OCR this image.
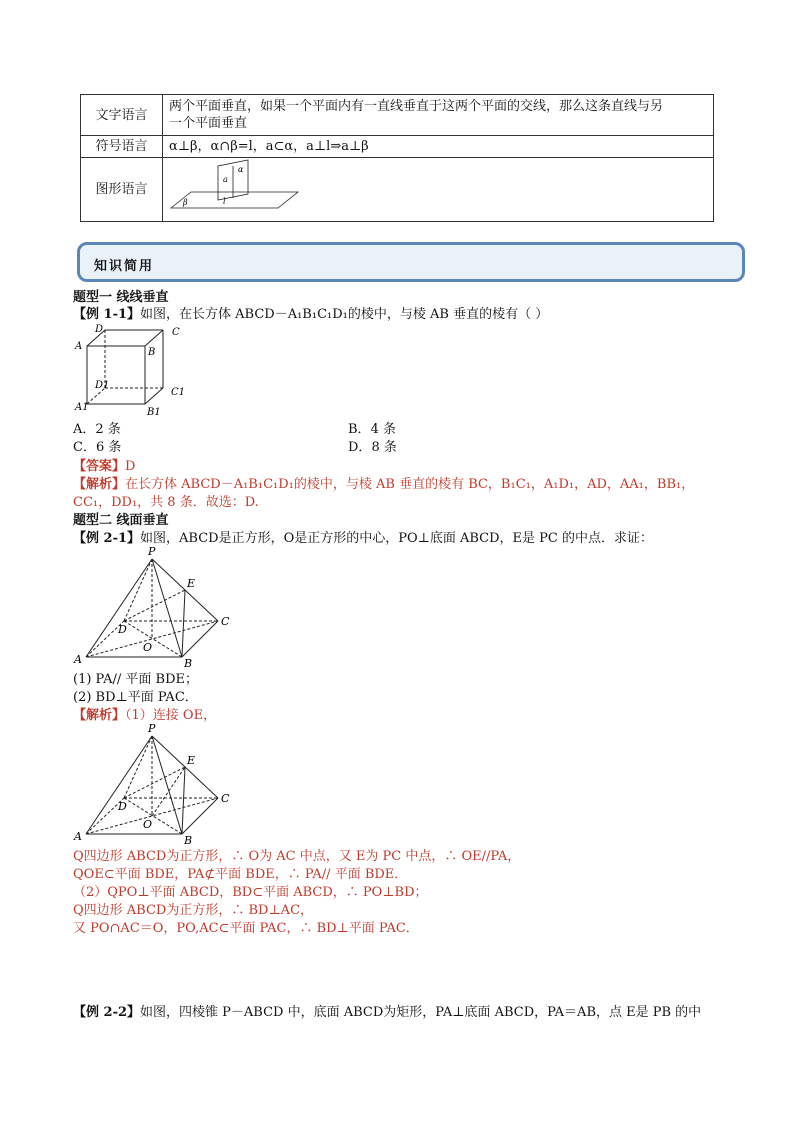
文字语言	两个平面垂直，如果一个平面内有一直线垂直于这两个平面的交线，那么这条直线与另
一个平面垂直

符号语言	α⊥β，α∩β=l，a⊂α，a⊥l⇒a⊥β
图形语言	β
α
a
l
知识简用
题型一 线线垂直
【例 1-1】如图，在长方体 ABCD－A₁B₁C₁D₁的棱中，与棱 AB 垂直的棱有（ ）
A
B
C
D
A1	B1
C1
D1
A．2 条	B．4 条
C．6 条	D．8 条
【答案】D
【解析】在长方体 ABCD－A₁B₁C₁D₁的棱中，与棱 AB 垂直的棱有 BC，B₁C₁，A₁D₁，AD，AA₁，BB₁，
CC₁，DD₁，共 8 条．故选：D.
题型二 线面垂直
【例 2-1】如图，ABCD是正方形，O是正方形的中心，PO⊥底面 ABCD，E是 PC 的中点．求证：
P
A	B
C
D
E
O
(1) PA// 平面 BDE；
(2) BD⊥平面 PAC．
【解析】（1）连接 OE，
P
A	B
C
D
E
O
Q四边形 ABCD为正方形，∴ O为 AC 中点，又 E为 PC 中点，∴ OE//PA，
QOE⊂平面 BDE，PA⊄平面 BDE，∴ PA// 平面 BDE．
（2）QPO⊥平面 ABCD，BD⊂平面 ABCD，∴ PO⊥BD；
Q四边形 ABCD为正方形，∴ BD⊥AC，
又 PO∩AC＝O，PO,AC⊂平面 PAC，∴ BD⊥平面 PAC．
【例 2-2】如图，四棱锥 P－ABCD 中，底面 ABCD为矩形，PA⊥底面 ABCD，PA＝AB，点 E是 PB 的中
